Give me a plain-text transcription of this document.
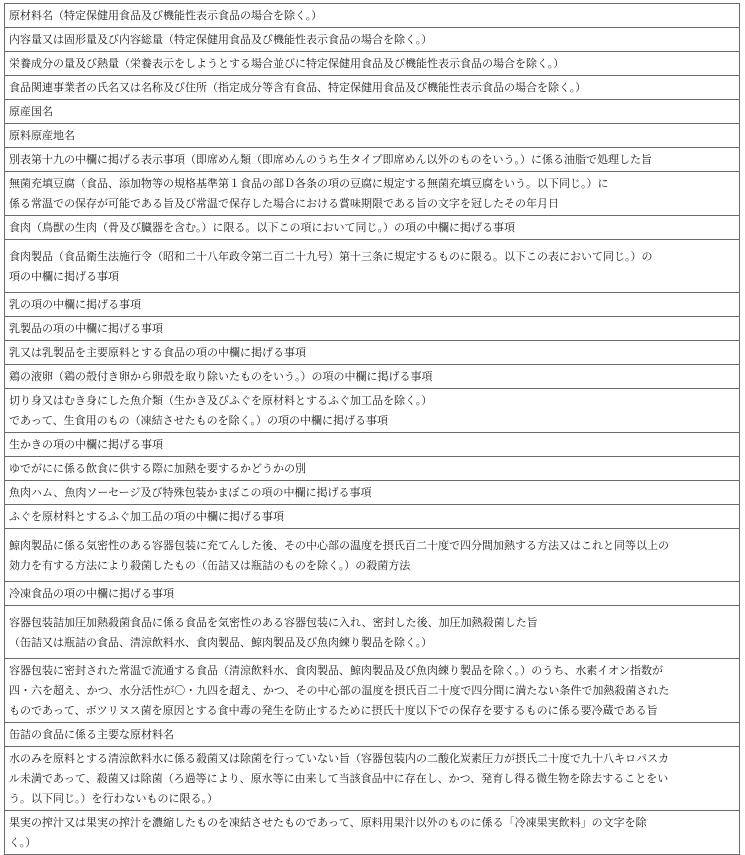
原材料名（特定保健用食品及び機能性表示食品の場合を除く。）

内容量又は固形量及び内容総量（特定保健用食品及び機能性表示食品の場合を除く。）

栄養成分の量及び熱量（栄養表示をしようとする場合並びに特定保健用食品及び機能性表示食品の場合を除く。）

食品関連事業者の氏名又は名称及び住所（指定成分等含有食品、特定保健用食品及び機能性表示食品の場合を除く。）

原産国名

原料原産地名

別表第十九の中欄に掲げる表示事項（即席めん類（即席めんのうち生タイプ即席めん以外のものをいう。）に係る油脂で処理した旨

無菌充填豆腐（食品、添加物等の規格基準第１食品の部Ｄ各条の項の豆腐に規定する無菌充填豆腐をいう。以下同じ。）に
係る常温での保存が可能である旨及び常温で保存した場合における賞味期限である旨の文字を冠したその年月日

食肉（鳥獣の生肉（骨及び臓器を含む。）に限る。以下この項において同じ。）の項の中欄に掲げる事項

食肉製品（食品衛生法施行令（昭和二十八年政令第二百二十九号）第十三条に規定するものに限る。以下この表において同じ。）の
項の中欄に掲げる事項

乳の項の中欄に掲げる事項

乳製品の項の中欄に掲げる事項

乳又は乳製品を主要原料とする食品の項の中欄に掲げる事項

鶏の液卵（鶏の殻付き卵から卵殻を取り除いたものをいう。）の項の中欄に掲げる事項

切り身又はむき身にした魚介類（生かき及びふぐを原材料とするふぐ加工品を除く。）
であって、生食用のもの（凍結させたものを除く。）の項の中欄に掲げる事項

生かきの項の中欄に掲げる事項

ゆでがにに係る飲食に供する際に加熱を要するかどうかの別

魚肉ハム、魚肉ソーセージ及び特殊包装かまぼこの項の中欄に掲げる事項

ふぐを原材料とするふぐ加工品の項の中欄に掲げる事項

鯨肉製品に係る気密性のある容器包装に充てんした後、その中心部の温度を摂氏百二十度で四分間加熱する方法又はこれと同等以上の
効力を有する方法により殺菌したもの（缶詰又は瓶詰のものを除く。）の殺菌方法

冷凍食品の項の中欄に掲げる事項

容器包装詰加圧加熱殺菌食品に係る食品を気密性のある容器包装に入れ、密封した後、加圧加熱殺菌した旨
（缶詰又は瓶詰の食品、清涼飲料水、食肉製品、鯨肉製品及び魚肉練り製品を除く。）

容器包装に密封された常温で流通する食品（清涼飲料水、食肉製品、鯨肉製品及び魚肉練り製品を除く。）のうち、水素イオン指数が
四・六を超え、かつ、水分活性が〇・九四を超え、かつ、その中心部の温度を摂氏百二十度で四分間に満たない条件で加熱殺菌された
ものであって、ボツリヌス菌を原因とする食中毒の発生を防止するために摂氏十度以下での保存を要するものに係る要冷蔵である旨

缶詰の食品に係る主要な原材料名

水のみを原料とする清涼飲料水に係る殺菌又は除菌を行っていない旨（容器包装内の二酸化炭素圧力が摂氏二十度で九十八キロパスカ
ル未満であって、殺菌又は除菌（ろ過等により、原水等に由来して当該食品中に存在し、かつ、発育し得る微生物を除去することをい
う。以下同じ。）を行わないものに限る。）

果実の搾汁又は果実の搾汁を濃縮したものを凍結させたものであって、原料用果汁以外のものに係る「冷凍果実飲料」の文字を除
く。）
